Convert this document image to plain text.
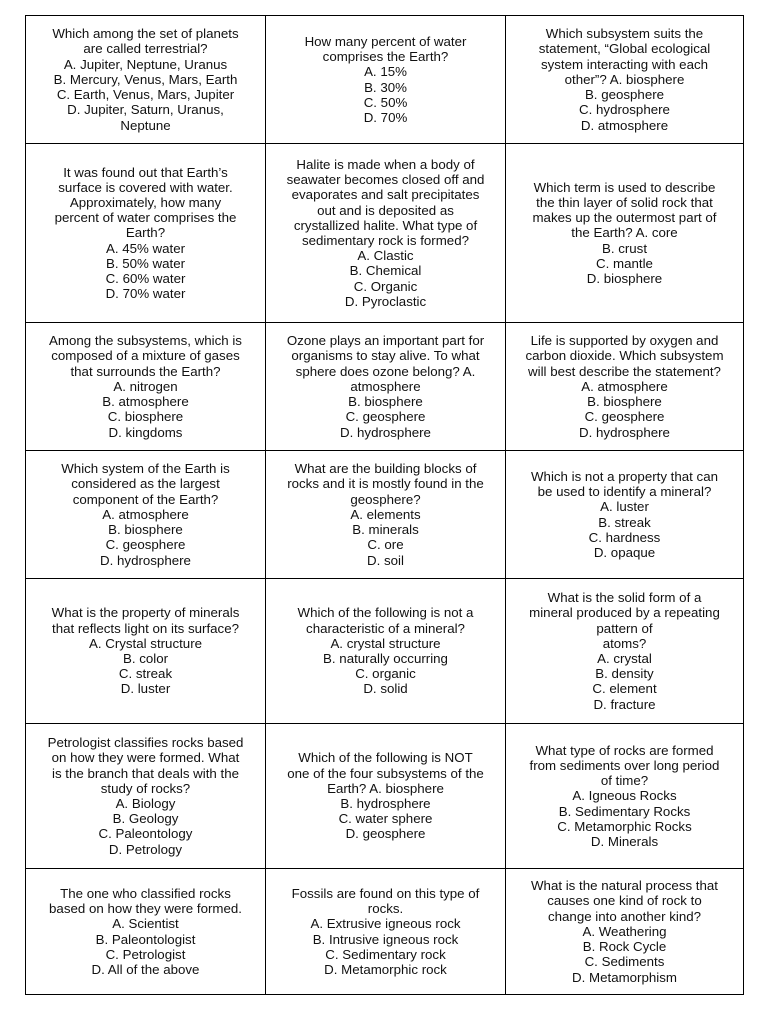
Which among the set of planets
are called terrestrial?
A. Jupiter, Neptune, Uranus
B. Mercury, Venus, Mars, Earth
C. Earth, Venus, Mars, Jupiter
D. Jupiter, Saturn, Uranus,
Neptune
How many percent of water
comprises the Earth?
A. 15%
B. 30%
C. 50%
D. 70%
Which subsystem suits the
statement, “Global ecological
system interacting with each
other”? A. biosphere
B. geosphere
C. hydrosphere
D. atmosphere
It was found out that Earth’s
surface is covered with water.
Approximately, how many
percent of water comprises the
Earth?
A. 45% water
B. 50% water
C. 60% water
D. 70% water
Halite is made when a body of
seawater becomes closed off and
evaporates and salt precipitates
out and is deposited as
crystallized halite. What type of
sedimentary rock is formed?
A. Clastic
B. Chemical
C. Organic
D. Pyroclastic
Which term is used to describe
the thin layer of solid rock that
makes up the outermost part of
the Earth? A. core
B. crust
C. mantle
D. biosphere
Among the subsystems, which is
composed of a mixture of gases
that surrounds the Earth?
A. nitrogen
B. atmosphere
C. biosphere
D. kingdoms
Ozone plays an important part for
organisms to stay alive. To what
sphere does ozone belong? A.
atmosphere
B. biosphere
C. geosphere
D. hydrosphere
Life is supported by oxygen and
carbon dioxide. Which subsystem
will best describe the statement?
A. atmosphere
B. biosphere
C. geosphere
D. hydrosphere
Which system of the Earth is
considered as the largest
component of the Earth?
A. atmosphere
B. biosphere
C. geosphere
D. hydrosphere
What are the building blocks of
rocks and it is mostly found in the
geosphere?
A. elements
B. minerals
C. ore
D. soil
Which is not a property that can
be used to identify a mineral?
A. luster
B. streak
C. hardness
D. opaque
What is the property of minerals
that reflects light on its surface?
A. Crystal structure
B. color
C. streak
D. luster
Which of the following is not a
characteristic of a mineral?
A. crystal structure
B. naturally occurring
C. organic
D. solid
What is the solid form of a
mineral produced by a repeating
pattern of
atoms?
A. crystal
B. density
C. element
D. fracture
Petrologist classifies rocks based
on how they were formed. What
is the branch that deals with the
study of rocks?
A. Biology
B. Geology
C. Paleontology
D. Petrology
Which of the following is NOT
one of the four subsystems of the
Earth? A. biosphere
B. hydrosphere
C. water sphere
D. geosphere
What type of rocks are formed
from sediments over long period
of time?
A. Igneous Rocks
B. Sedimentary Rocks
C. Metamorphic Rocks
D. Minerals
The one who classified rocks
based on how they were formed.
A. Scientist
B. Paleontologist
C. Petrologist
D. All of the above
Fossils are found on this type of
rocks.
A. Extrusive igneous rock
B. Intrusive igneous rock
C. Sedimentary rock
D. Metamorphic rock
What is the natural process that
causes one kind of rock to
change into another kind?
A. Weathering
B. Rock Cycle
C. Sediments
D. Metamorphism
